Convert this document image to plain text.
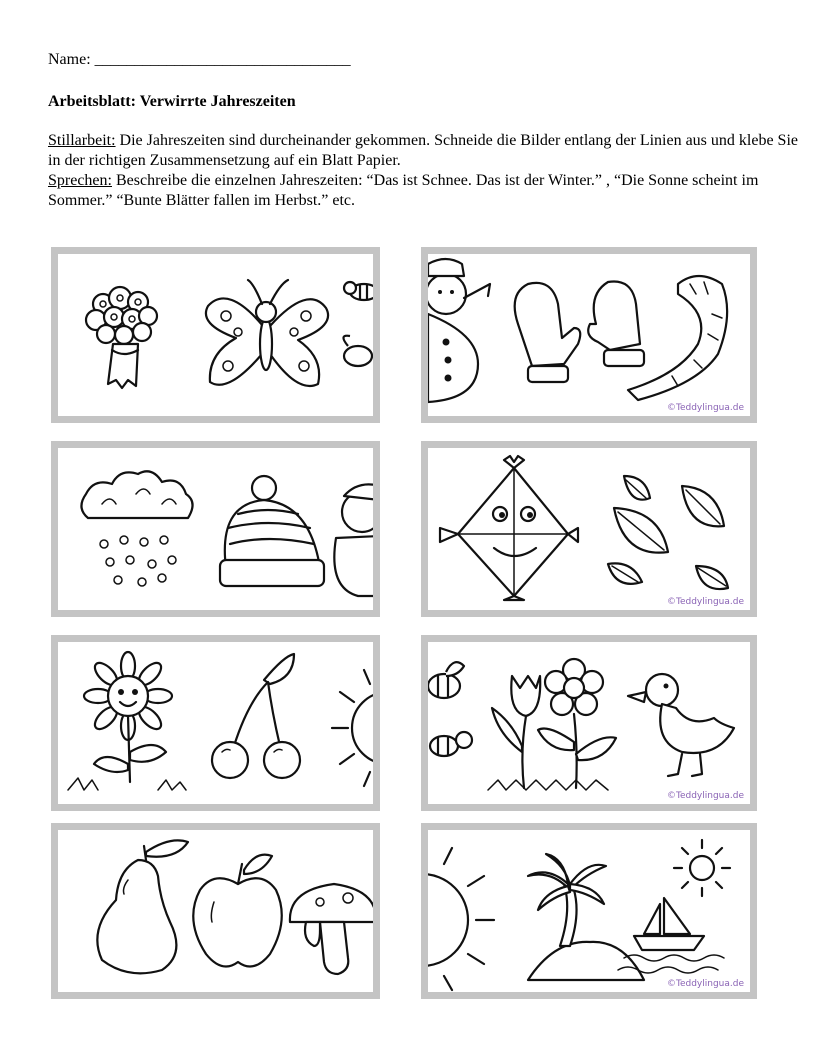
Name: ________________________________
Arbeitsblatt: Verwirrte Jahreszeiten
Stillarbeit: Die Jahreszeiten sind durcheinander gekommen. Schneide die Bilder entlang der Linien aus und klebe Sie in der richtigen Zusammensetzung auf ein Blatt Papier.
Sprechen: Beschreibe die einzelnen Jahreszeiten: “Das ist Schnee. Das ist der Winter.” , “Die Sonne scheint im Sommer.” “Bunte Blätter fallen im Herbst.” etc.
©Teddylingua.de
©Teddylingua.de
©Teddylingua.de
©Teddylingua.de
